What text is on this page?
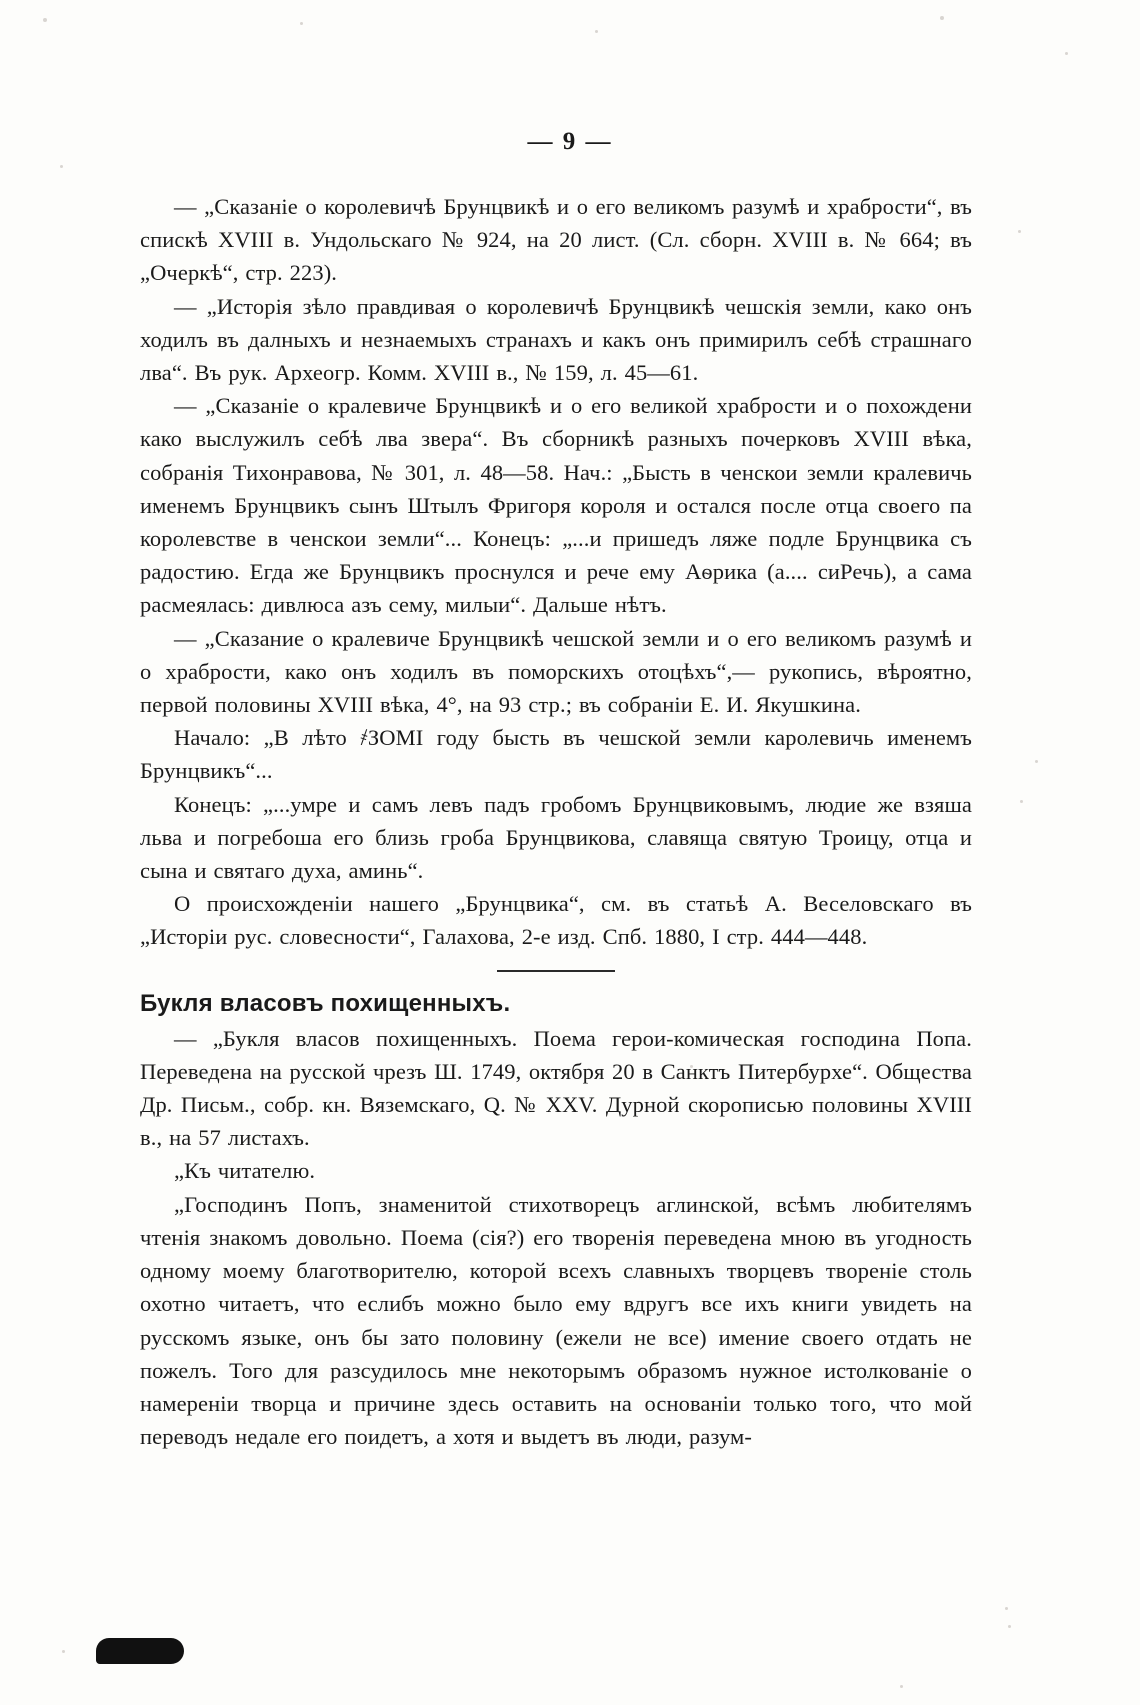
— 9 —

— „Сказаніе о королевичѣ Брунцвикѣ и о его великомъ разумѣ и храбрости“, въ спискѣ XVIII в. Ундольскаго № 924, на 20 лист. (Сл. сборн. XVIII в. № 664; въ „Очеркѣ“, стр. 223).

— „Исторія зѣло правдивая о королевичѣ Брунцвикѣ чешскія земли, како онъ ходилъ въ далныхъ и незнаемыхъ странахъ и какъ онъ примирилъ себѣ страшнаго лва“. Въ рук. Археогр. Комм. XVIII в., № 159, л. 45—61.

— „Сказаніе о кралевиче Брунцвикѣ и о его великой храбрости и о похождени како выслужилъ себѣ лва звера“. Въ сборникѣ разныхъ почерковъ XVIII вѣка, собранія Тихонравова, № 301, л. 48—58. Нач.: „Бысть в ченскои земли кралевичь именемъ Брунцвикъ сынъ Штылъ Фригоря короля и остался после отца своего па королевстве в ченскои земли“... Конецъ: „...и пришедъ ляже подле Брунцвика съ радостию. Егда же Брунцвикъ проснулся и рече ему Аѳрика (а.... сиРечь), а сама расмеялась: дивлюса азъ сему, милыи“. Дальше нѣтъ.

— „Сказание о кралевиче Брунцвикѣ чешской земли и о его великомъ разумѣ и о храбрости, како онъ ходилъ въ поморскихъ отоцѣхъ“,— рукопись, вѣроятно, первой половины XVIII вѣка, 4°, на 93 стр.; въ собраніи Е. И. Якушкина.

Начало: „В лѣто ҂ЗОМІ году бысть въ чешской земли каролевичь именемъ Брунцвикъ“...

Конецъ: „...умре и самъ левъ падъ гробомъ Брунцвиковымъ, людие же взяша льва и погребоша его близь гроба Брунцвикова, славяща святую Троицу, отца и сына и святаго духа, аминь“.

О происхожденіи нашего „Брунцвика“, см. въ статьѣ А. Веселовскаго въ „Исторіи рус. словесности“, Галахова, 2-е изд. Спб. 1880, I стр. 444—448.

Букля власовъ похищенныхъ.

— „Букля власов похищенныхъ. Поема герои-комическая господина Попа. Переведена на русской чрезъ Ш. 1749, октября 20 в Санктъ Питербурхе“. Общества Др. Письм., собр. кн. Вяземскаго, Q. № XXV. Дурной скорописью половины XVIII в., на 57 листахъ.

„Къ читателю.

„Господинъ Попъ, знаменитой стихотворецъ аглинской, всѣмъ любителямъ чтенія знакомъ довольно. Поема (сія?) его творенія переведена мною въ угодность одному моему благотворителю, которой всехъ славныхъ творцевъ твореніе столь охотно читаетъ, что еслибъ можно было ему вдругъ все ихъ книги увидеть на русскомъ языке, онъ бы зато половину (ежели не все) имение своего отдать не пожелъ. Того для разсудилось мне некоторымъ образомъ нужное истолкованіе о намереніи творца и причине здесь оставить на основаніи только того, что мой переводъ недале его поидетъ, а хотя и выдетъ въ люди, разум-
